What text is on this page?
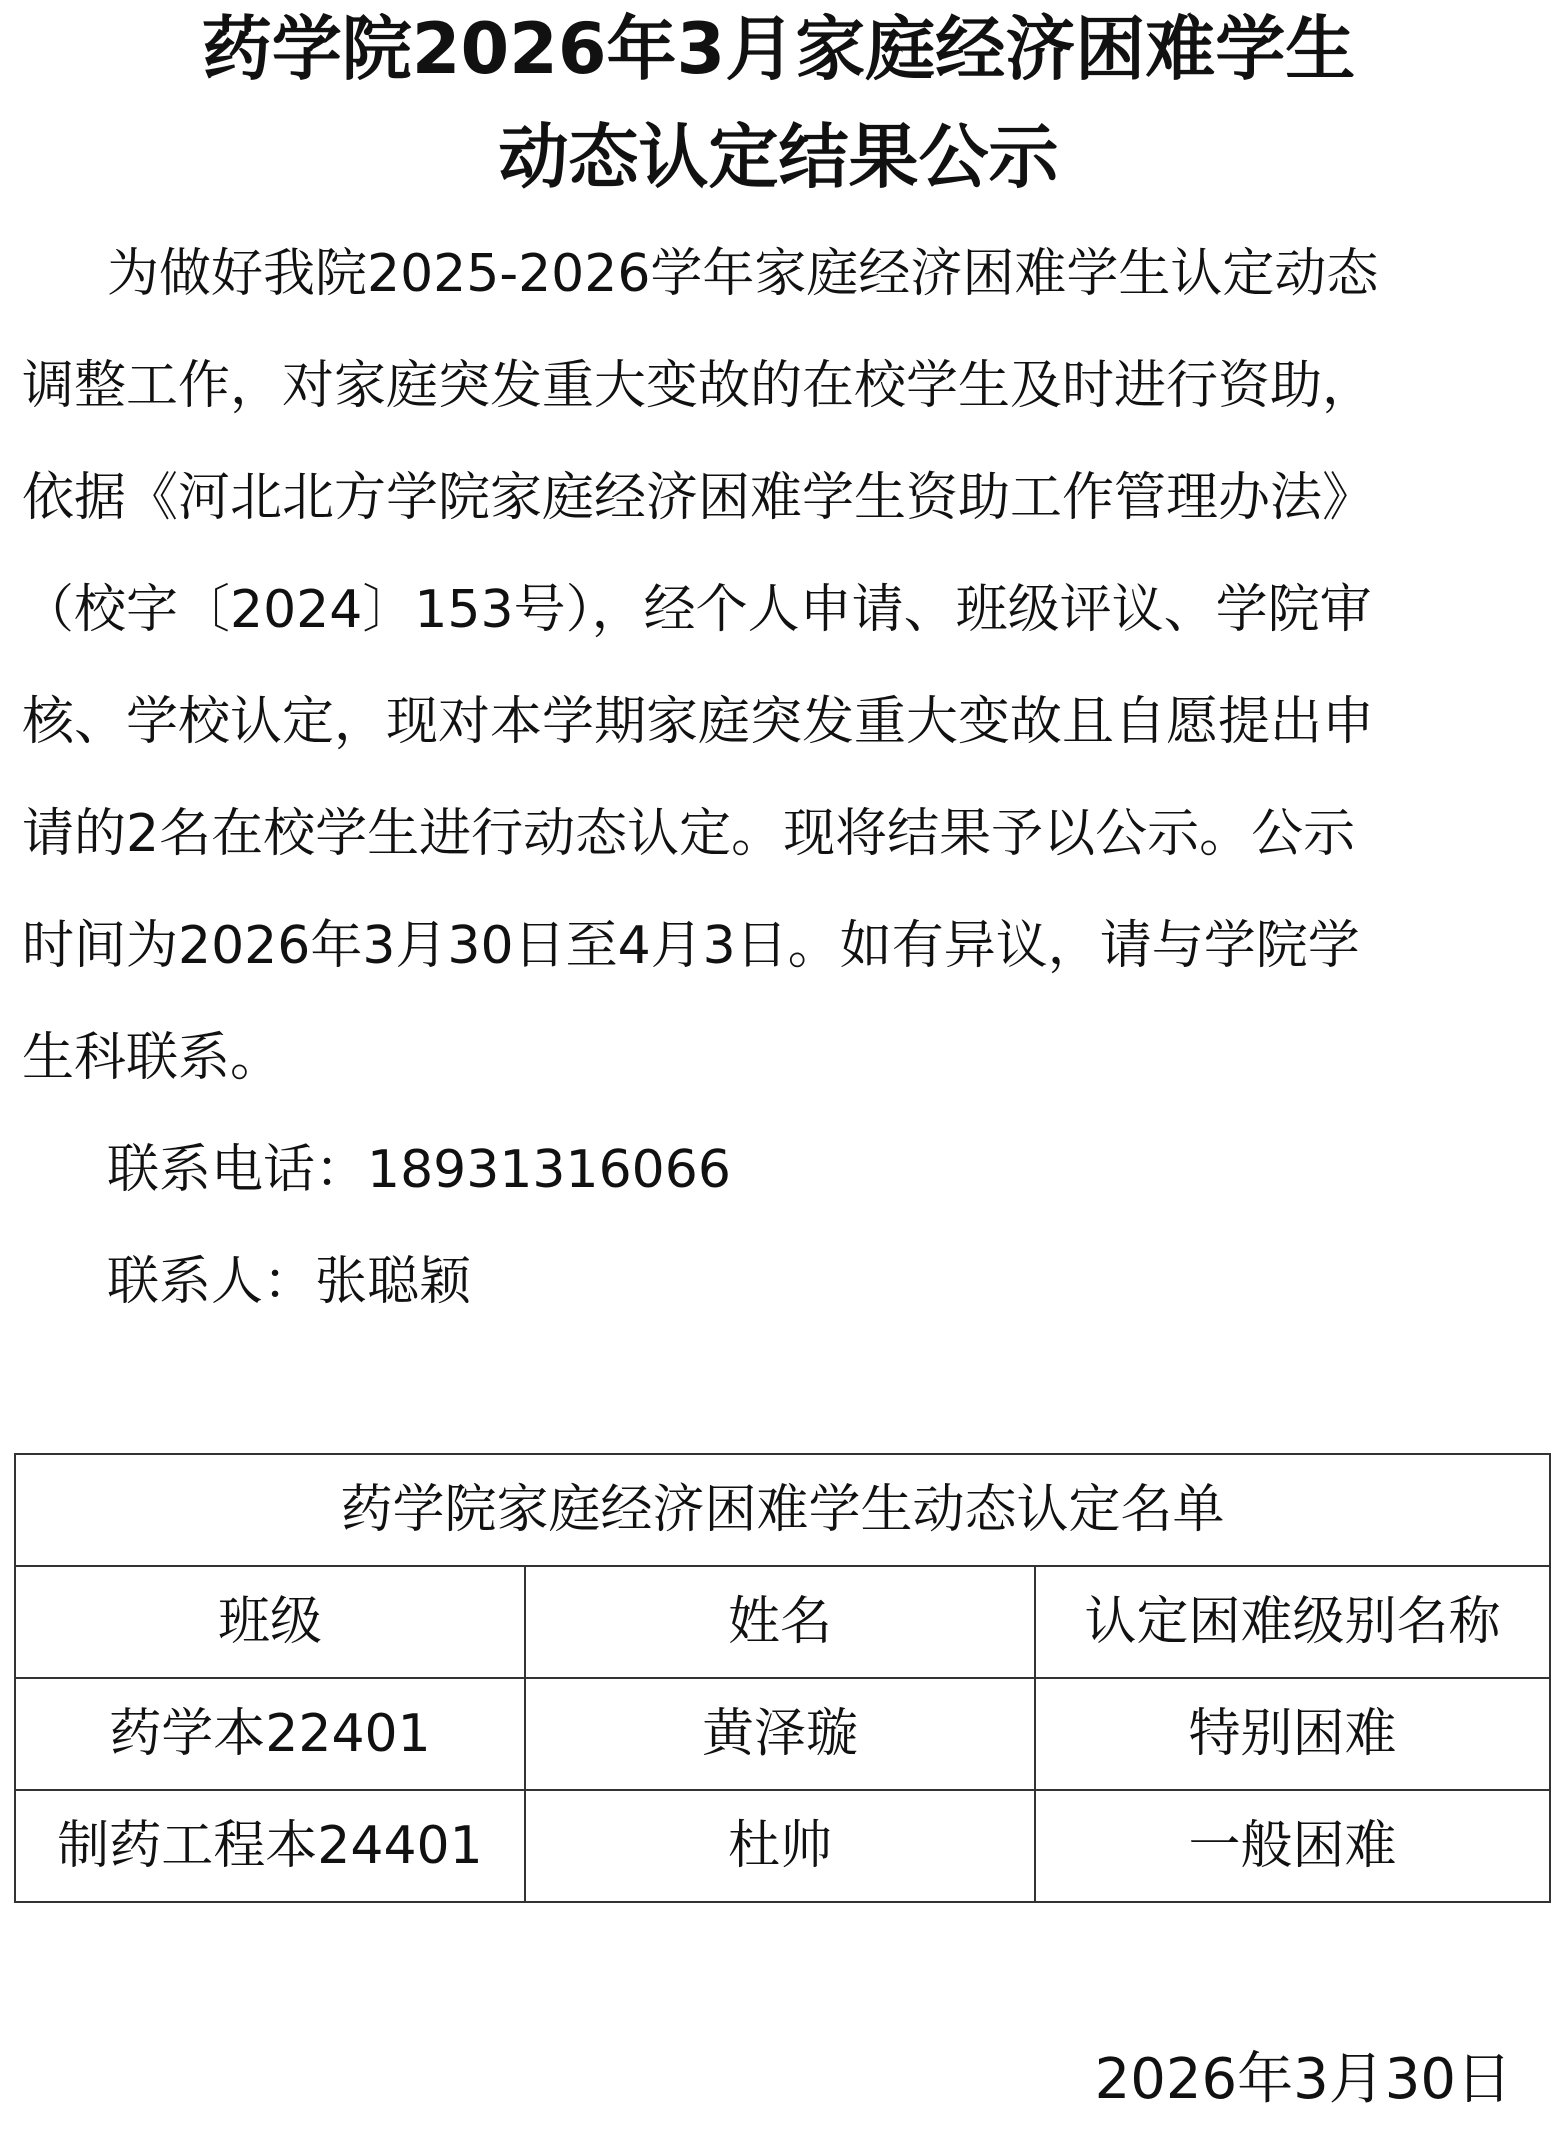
药学院2026年3月家庭经济困难学生
动态认定结果公示
为做好我院2025-2026学年家庭经济困难学生认定动态
调整工作，对家庭突发重大变故的在校学生及时进行资助，
依据《河北北方学院家庭经济困难学生资助工作管理办法》
（校字〔2024〕153号），经个人申请、班级评议、学院审
核、学校认定，现对本学期家庭突发重大变故且自愿提出申
请的2名在校学生进行动态认定。现将结果予以公示。公示
时间为2026年3月30日至4月3日。如有异议，请与学院学
生科联系。
联系电话：18931316066
联系人：张聪颖
药学院家庭经济困难学生动态认定名单		
班级	姓名	认定困难级别名称
药学本22401	黄泽璇	特别困难
制药工程本24401	杜帅	一般困难
2026年3月30日
